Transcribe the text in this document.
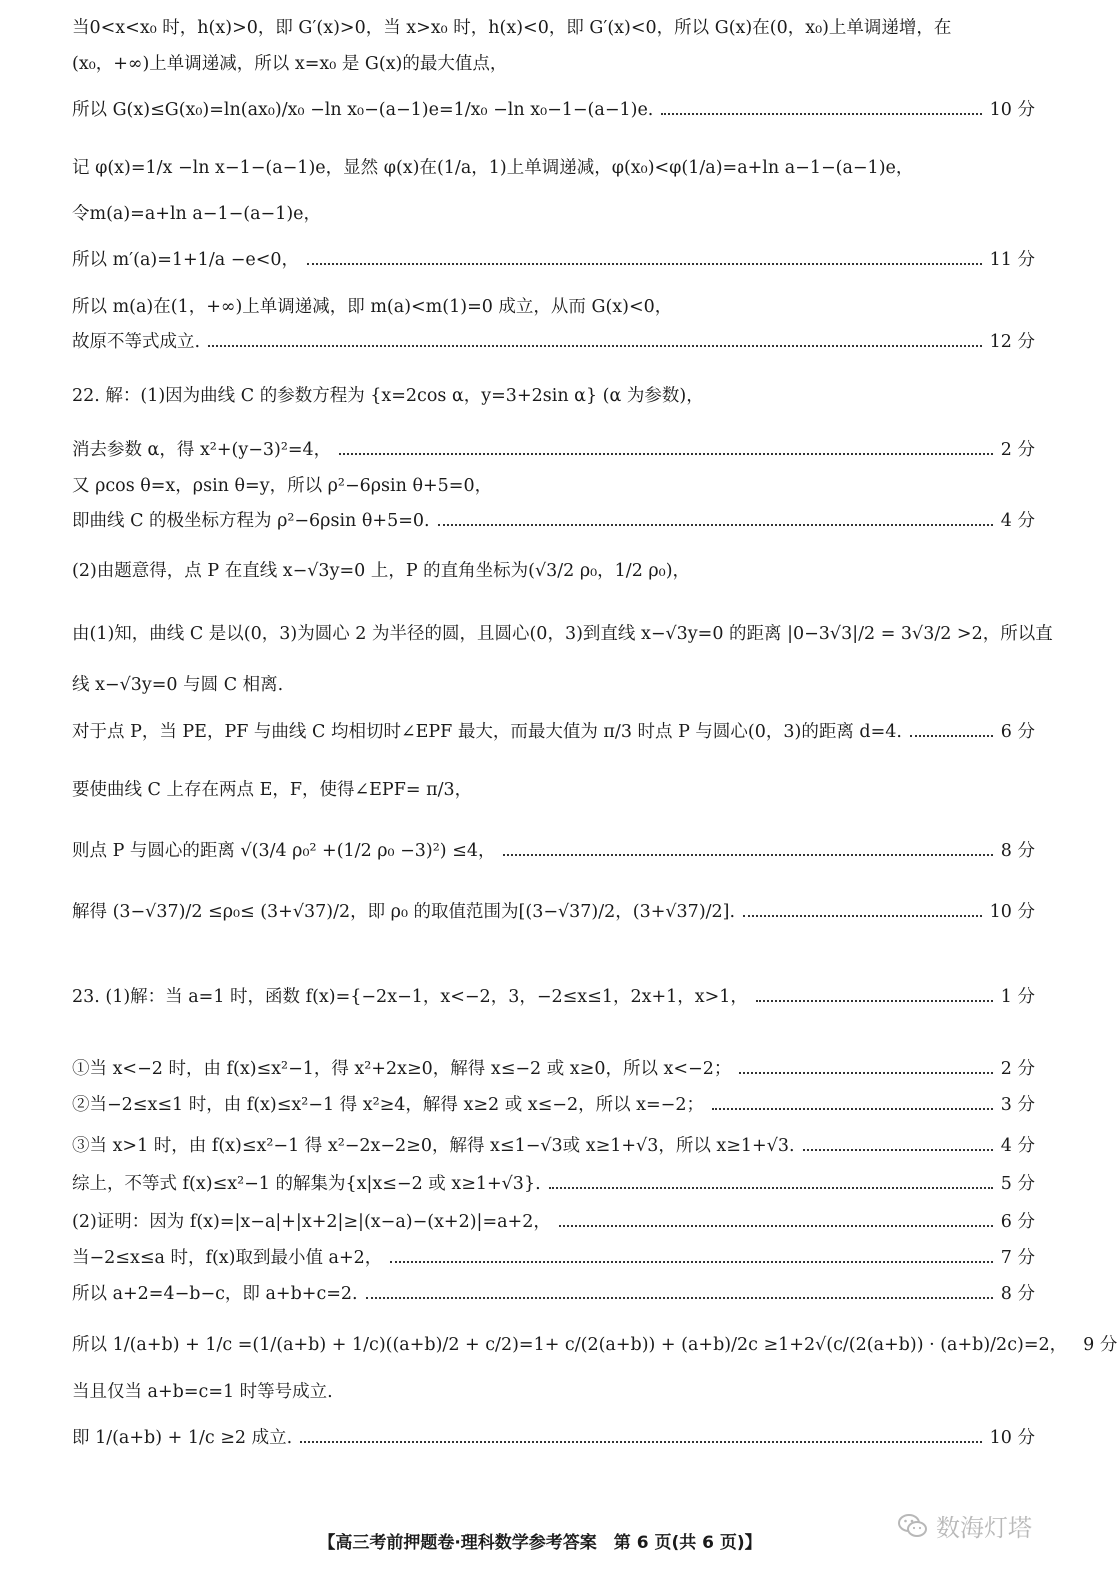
当0<x<x₀ 时，h(x)>0，即 G′(x)>0，当 x>x₀ 时，h(x)<0，即 G′(x)<0，所以 G(x)在(0，x₀)上单调递增，在
(x₀，+∞)上单调递减，所以 x=x₀ 是 G(x)的最大值点，
所以 G(x)≤G(x₀)=ln(ax₀)/x₀ −ln x₀−(a−1)e=1/x₀ −ln x₀−1−(a−1)e.	10 分
记 φ(x)=1/x −ln x−1−(a−1)e，显然 φ(x)在(1/a，1)上单调递减，φ(x₀)<φ(1/a)=a+ln a−1−(a−1)e，
令m(a)=a+ln a−1−(a−1)e，
所以 m′(a)=1+1/a −e<0，	11 分
所以 m(a)在(1，+∞)上单调递减，即 m(a)<m(1)=0 成立，从而 G(x)<0，
故原不等式成立.	12 分
22. 解：(1)因为曲线 C 的参数方程为 {x=2cos α，y=3+2sin α} (α 为参数)，
消去参数 α，得 x²+(y−3)²=4，	2 分
又 ρcos θ=x，ρsin θ=y，所以 ρ²−6ρsin θ+5=0，
即曲线 C 的极坐标方程为 ρ²−6ρsin θ+5=0.	4 分
(2)由题意得，点 P 在直线 x−√3y=0 上，P 的直角坐标为(√3/2 ρ₀，1/2 ρ₀)，
由(1)知，曲线 C 是以(0，3)为圆心 2 为半径的圆，且圆心(0，3)到直线 x−√3y=0 的距离 |0−3√3|/2 = 3√3/2 >2，所以直
线 x−√3y=0 与圆 C 相离.
对于点 P，当 PE，PF 与曲线 C 均相切时∠EPF 最大，而最大值为 π/3 时点 P 与圆心(0，3)的距离 d=4.	6 分
要使曲线 C 上存在两点 E，F，使得∠EPF= π/3，
则点 P 与圆心的距离 √(3/4 ρ₀² +(1/2 ρ₀ −3)²) ≤4，	8 分
解得 (3−√37)/2 ≤ρ₀≤ (3+√37)/2，即 ρ₀ 的取值范围为[(3−√37)/2，(3+√37)/2].	10 分
23. (1)解：当 a=1 时，函数 f(x)={−2x−1，x<−2，3，−2≤x≤1，2x+1，x>1，	1 分
①当 x<−2 时，由 f(x)≤x²−1，得 x²+2x≥0，解得 x≤−2 或 x≥0，所以 x<−2；	2 分
②当−2≤x≤1 时，由 f(x)≤x²−1 得 x²≥4，解得 x≥2 或 x≤−2，所以 x=−2；	3 分
③当 x>1 时，由 f(x)≤x²−1 得 x²−2x−2≥0，解得 x≤1−√3或 x≥1+√3，所以 x≥1+√3.	4 分
综上，不等式 f(x)≤x²−1 的解集为{x|x≤−2 或 x≥1+√3}.	5 分
(2)证明：因为 f(x)=|x−a|+|x+2|≥|(x−a)−(x+2)|=a+2，	6 分
当−2≤x≤a 时，f(x)取到最小值 a+2，	7 分
所以 a+2=4−b−c，即 a+b+c=2.	8 分
所以 1/(a+b) + 1/c =(1/(a+b) + 1/c)((a+b)/2 + c/2)=1+ c/(2(a+b)) + (a+b)/2c ≥1+2√(c/(2(a+b)) · (a+b)/2c)=2， 9 分
当且仅当 a+b=c=1 时等号成立.
即 1/(a+b) + 1/c ≥2 成立.	10 分
【高三考前押题卷·理科数学参考答案　第 6 页(共 6 页)】
数海灯塔
